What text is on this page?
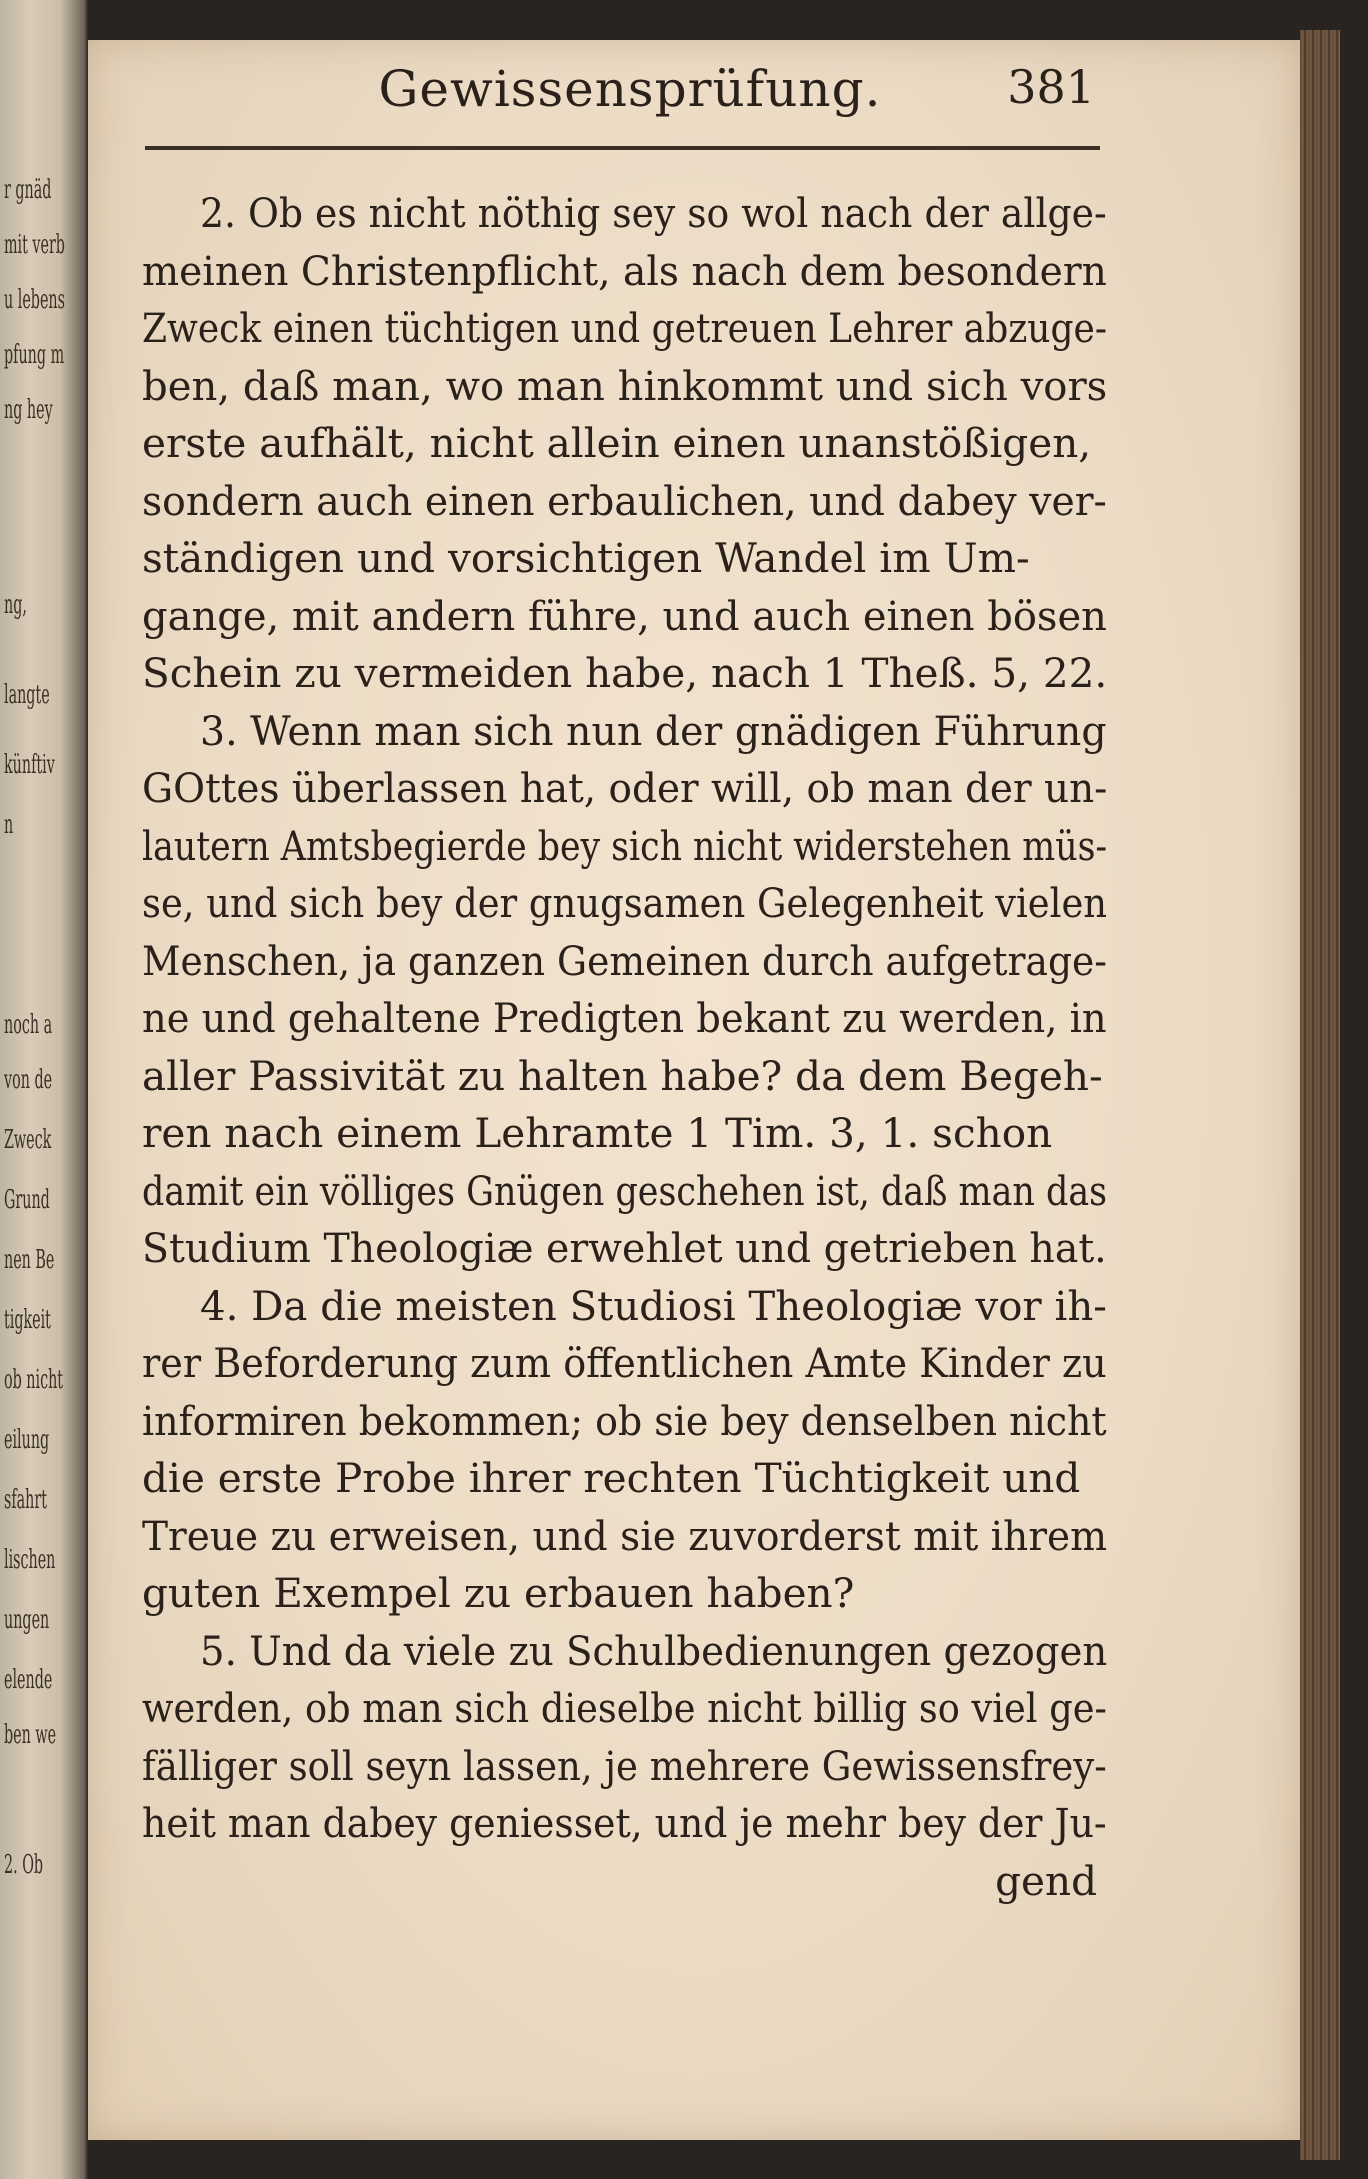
r gnäd
mit verb
u lebens
pfung m
ng hey
ng,
langte
künftiv
n
noch a
von de
Zweck
Grund
nen Be
tigkeit
ob nicht
eilung
sfahrt
lischen
ungen
elende
ben we
2. Ob
Gewissensprüfung.	381
2. Ob es nicht nöthig sey so wol nach der allge-
meinen Christenpflicht, als nach dem besondern
Zweck einen tüchtigen und getreuen Lehrer abzuge-
ben, daß man, wo man hinkommt und sich vors
erste aufhält, nicht allein einen unanstößigen,
sondern auch einen erbaulichen, und dabey ver-
ständigen und vorsichtigen Wandel im Um-
gange, mit andern führe, und auch einen bösen
Schein zu vermeiden habe, nach 1 Theß. 5, 22.
3. Wenn man sich nun der gnädigen Führung
GOttes überlassen hat, oder will, ob man der un-
lautern Amtsbegierde bey sich nicht widerstehen müs-
se, und sich bey der gnugsamen Gelegenheit vielen
Menschen, ja ganzen Gemeinen durch aufgetrage-
ne und gehaltene Predigten bekant zu werden, in
aller Passivität zu halten habe? da dem Begeh-
ren nach einem Lehramte 1 Tim. 3, 1. schon
damit ein völliges Gnügen geschehen ist, daß man das
Studium Theologiæ erwehlet und getrieben hat.
4. Da die meisten Studiosi Theologiæ vor ih-
rer Beforderung zum öffentlichen Amte Kinder zu
informiren bekommen; ob sie bey denselben nicht
die erste Probe ihrer rechten Tüchtigkeit und
Treue zu erweisen, und sie zuvorderst mit ihrem
guten Exempel zu erbauen haben?
5. Und da viele zu Schulbedienungen gezogen
werden, ob man sich dieselbe nicht billig so viel ge-
fälliger soll seyn lassen, je mehrere Gewissensfrey-
heit man dabey geniesset, und je mehr bey der Ju-
gend
